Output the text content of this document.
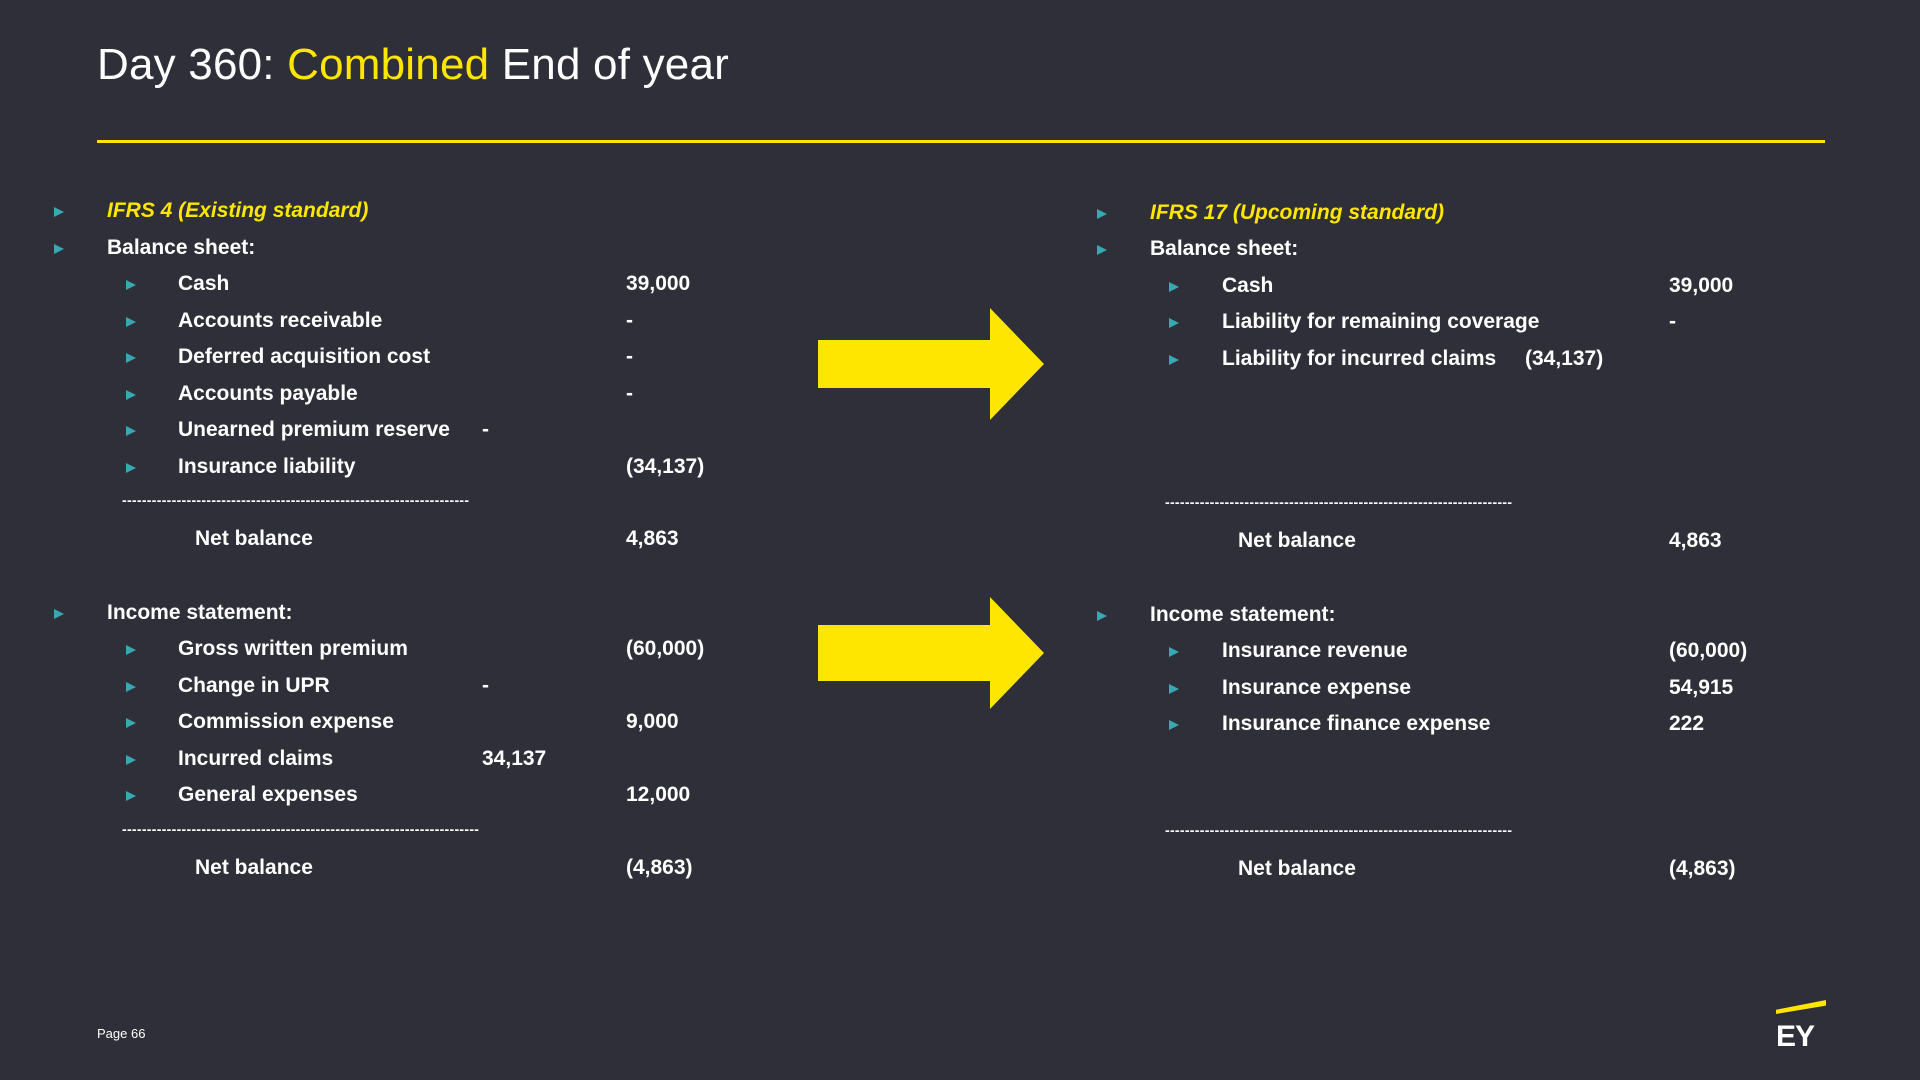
Day 360: Combined End of year
IFRS 4 (Existing standard)
Balance sheet:
Cash	39,000
Accounts receivable	-
Deferred acquisition cost	-
Accounts payable	-
Unearned premium reserve -
Insurance liability	(34,137)
----------------------------------------------------------------------
Net balance	4,863
Income statement:
Gross written premium	(60,000)
Change in UPR	-
Commission expense	9,000
Incurred claims	34,137
General expenses	12,000
------------------------------------------------------------------------
Net balance	(4,863)
IFRS 17 (Upcoming standard)
Balance sheet:
Cash	39,000
Liability for remaining coverage	-
Liability for incurred claims (34,137)
----------------------------------------------------------------------
Net balance	4,863
Income statement:
Insurance revenue	(60,000)
Insurance expense	54,915
Insurance finance expense	222
----------------------------------------------------------------------
Net balance	(4,863)
Page 66	EY
